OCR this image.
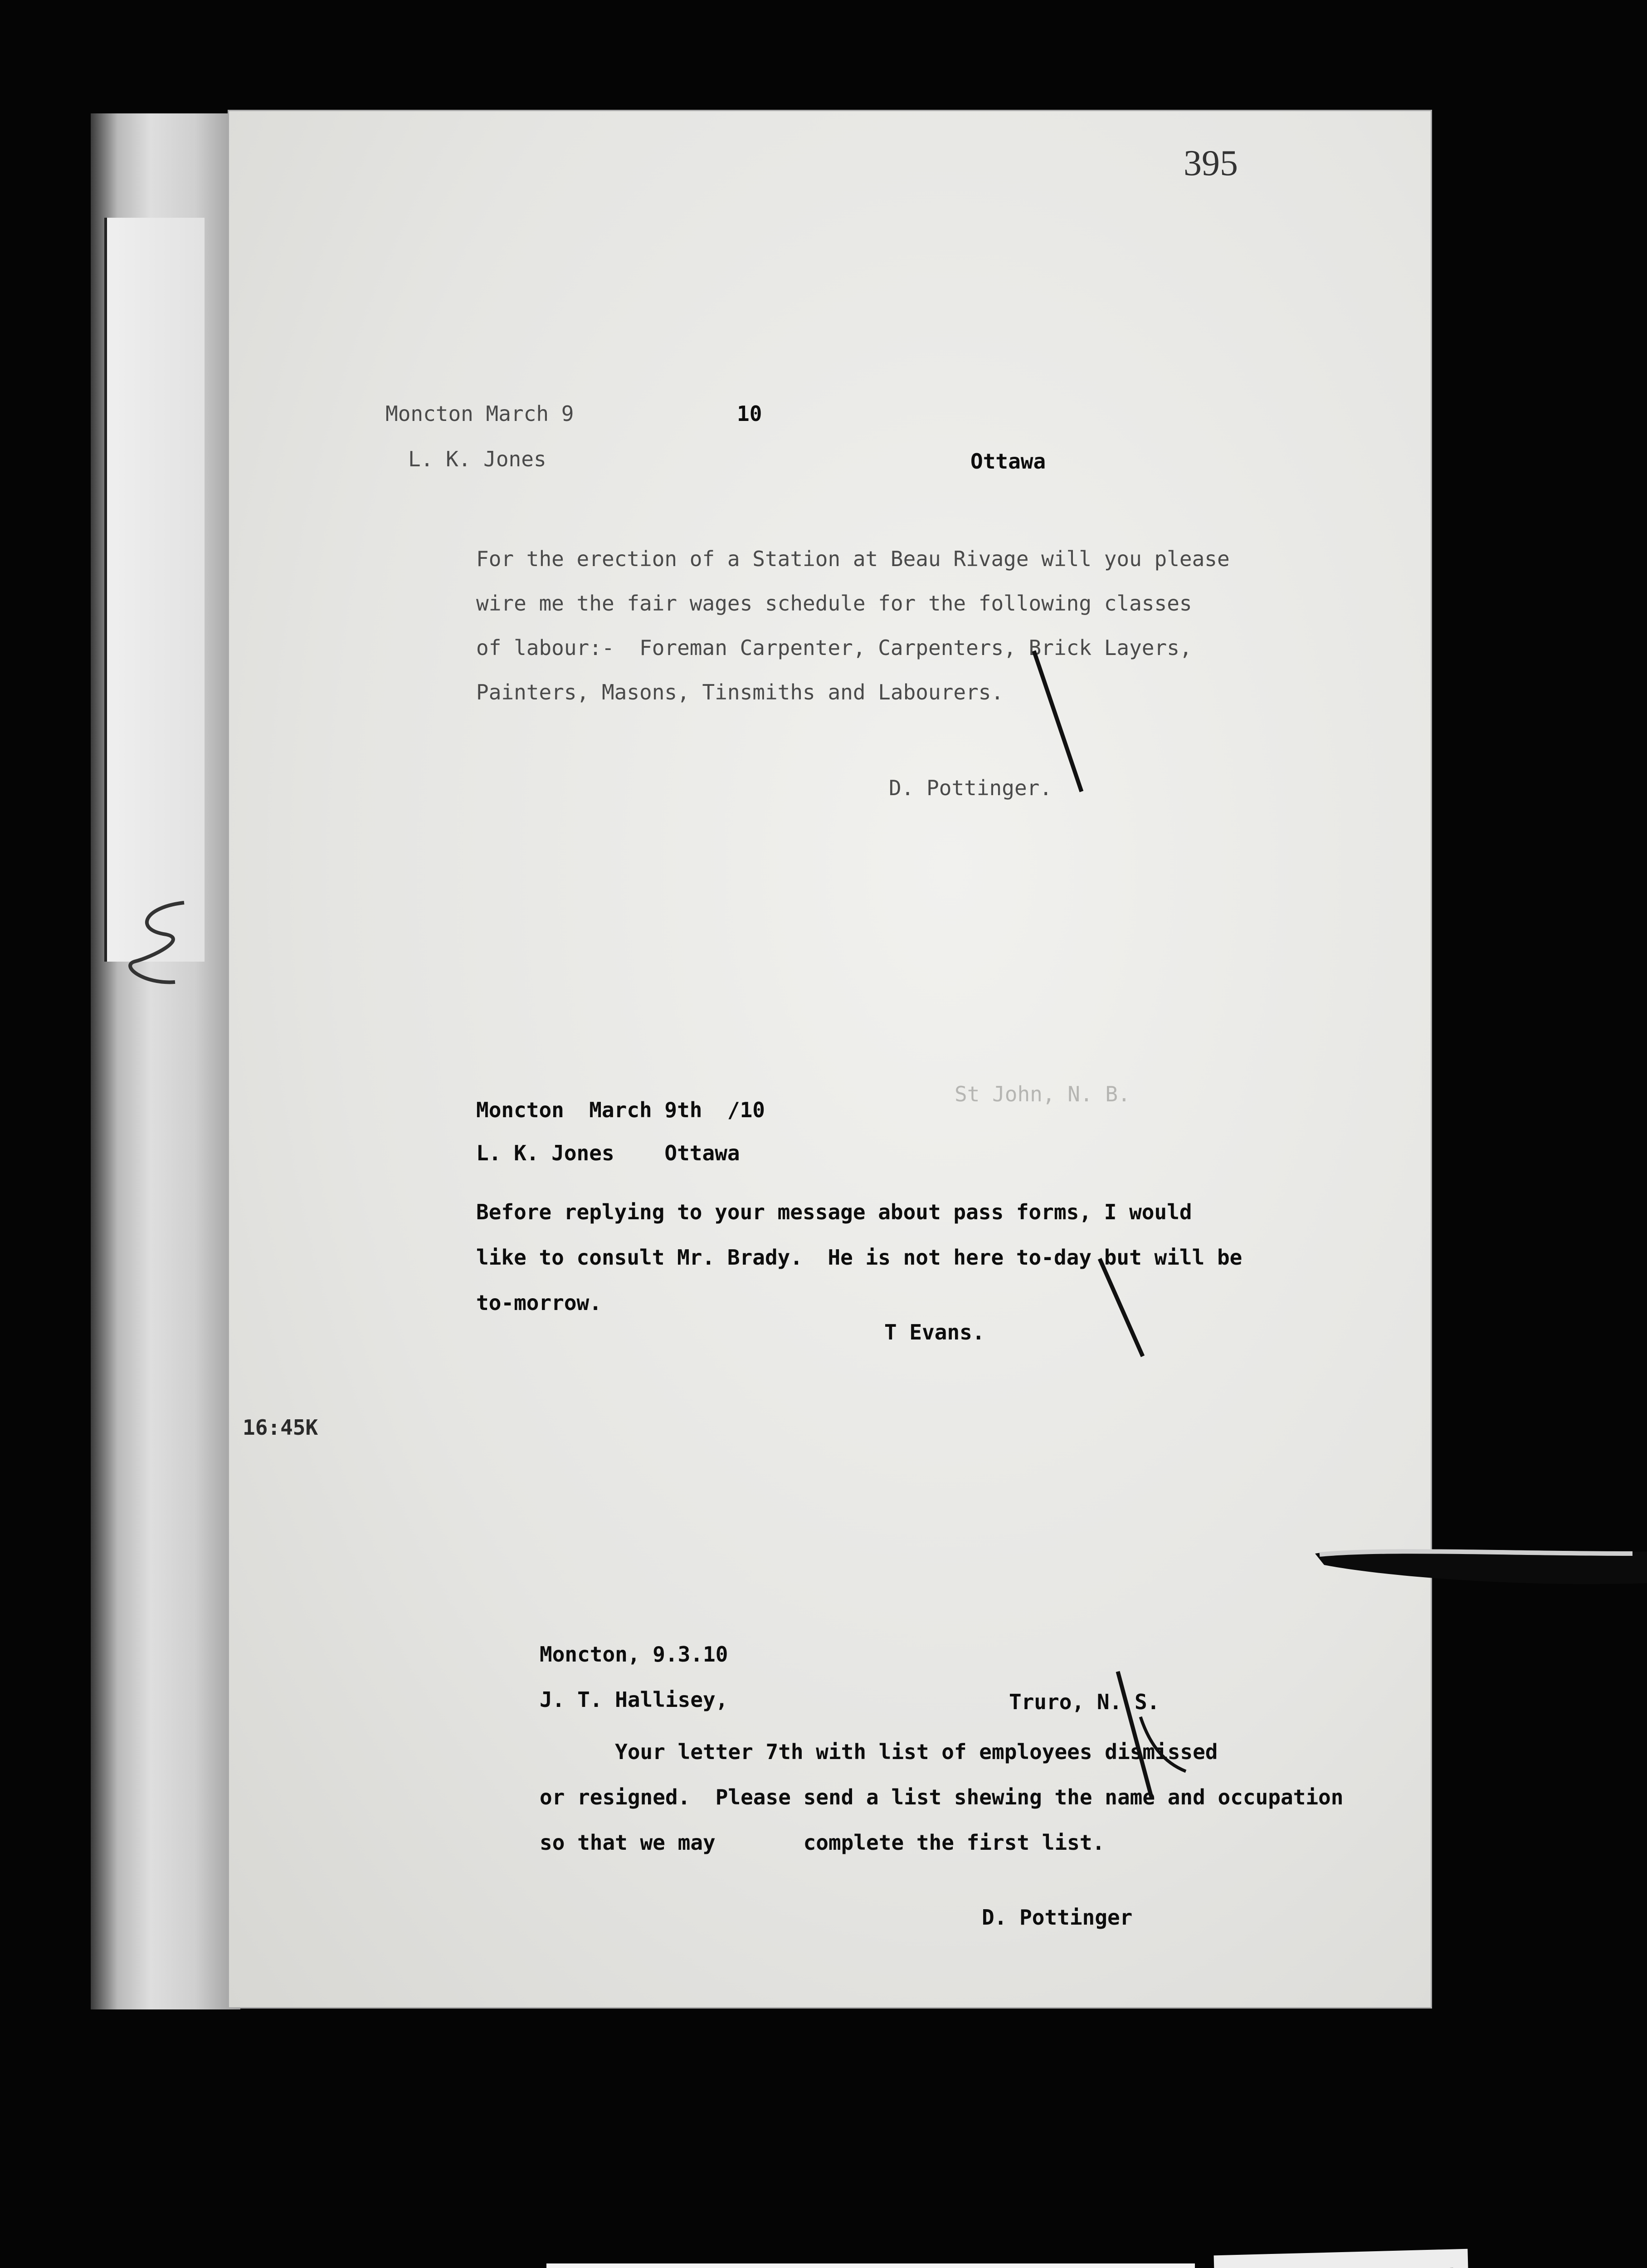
395

Moncton March 9

	10

L. K. Jones

	Ottawa

For the erection of a Station at Beau Rivage will you please

wire me the fair wages schedule for the following classes

of labour:-  Foreman Carpenter, Carpenters, Brick Layers,

Painters, Masons, Tinsmiths and Labourers.

D. Pottinger.

Moncton  March 9th  /10

St John, N. B.

L. K. Jones    Ottawa

Before replying to your message about pass forms, I would

like to consult Mr. Brady.  He is not here to-day but will be

to-morrow.

T Evans.

Moncton, 9.3.10

J. T. Hallisey,

	Truro, N. S.

Your letter 7th with list of employees dismissed

or resigned.  Please send a list shewing the name and occupation

so that we may       complete the first list.

D. Pottinger

16:45K
